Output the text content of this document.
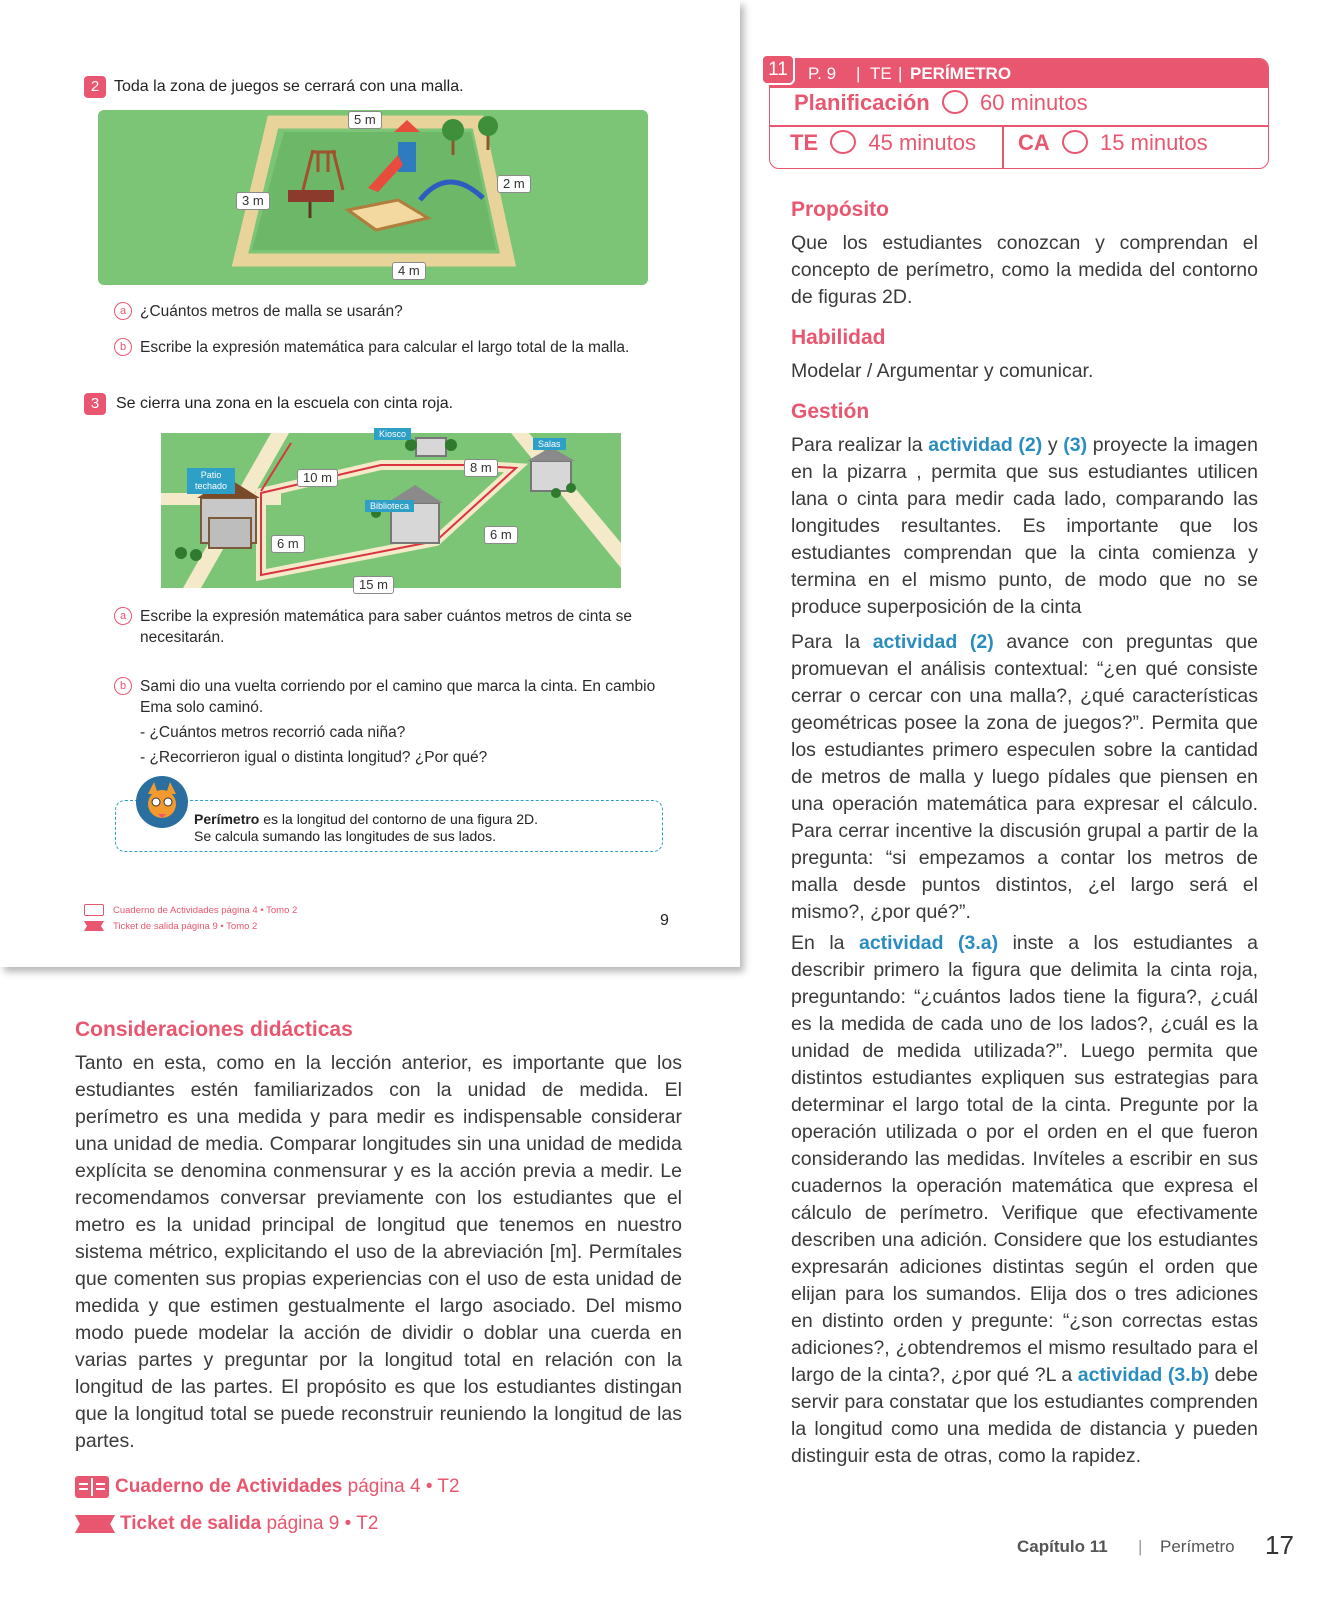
2 Toda la zona de juegos se cerrará con una malla.
5 m
2 m
3 m
4 m
a ¿Cuántos metros de malla se usarán?
b Escribe la expresión matemática para calcular el largo total de la malla.
3	Se cierra una zona en la escuela con cinta roja.
Patio techado
Kiosco
Salas
Biblioteca
10 m
8 m
6 m
6 m
15 m
a Escribe la expresión matemática para saber cuántos metros de cinta se necesitarán.
b Sami dio una vuelta corriendo por el camino que marca la cinta. En cambio Ema solo caminó.
- ¿Cuántos metros recorrió cada niña?
- ¿Recorrieron igual o distinta longitud? ¿Por qué?
Perímetro es la longitud del contorno de una figura 2D.
Se calcula sumando las longitudes de sus lados.
Cuaderno de Actividades página 4 • Tomo 2
Ticket de salida página 9 • Tomo 2	9
P. 9 | TE | PERÍMETRO
Planificación 60 minutos
TE 45 minutos CA 15 minutos
11
Propósito
Que los estudiantes conozcan y comprendan el concepto de perímetro, como la medida del contorno de figuras 2D.
Habilidad
Modelar / Argumentar y comunicar.
Gestión
Para realizar la actividad (2) y (3) proyecte la imagen en la pizarra , permita que sus estudiantes utilicen lana o cinta para medir cada lado, comparando las longitudes resultantes. Es importante que los estudiantes comprendan que la cinta comienza y termina en el mismo punto, de modo que no se produce superposición de la cinta
Para la actividad (2) avance con preguntas que promuevan el análisis contextual: “¿en qué consiste cerrar o cercar con una malla?, ¿qué características geométricas posee la zona de juegos?”. Permita que los estudiantes primero especulen sobre la cantidad de metros de malla y luego pídales que piensen en una operación matemática para expresar el cálculo. Para cerrar incentive la discusión grupal a partir de la pregunta: “si empezamos a contar los metros de malla desde puntos distintos, ¿el largo será el mismo?, ¿por qué?”.
En la actividad (3.a) inste a los estudiantes a describir primero la figura que delimita la cinta roja, preguntando: “¿cuántos lados tiene la figura?, ¿cuál es la medida de cada uno de los lados?, ¿cuál es la unidad de medida utilizada?”. Luego permita que distintos estudiantes expliquen sus estrategias para determinar el largo total de la cinta. Pregunte por la operación utilizada o por el orden en el que fueron considerando las medidas. Invíteles a escribir en sus cuadernos la operación matemática que expresa el cálculo de perímetro. Verifique que efectivamente describen una adición. Considere que los estudiantes expresarán adiciones distintas según el orden que elijan para los sumandos. Elija dos o tres adiciones en distinto orden y pregunte: “¿son correctas estas adiciones?, ¿obtendremos el mismo resultado para el largo de la cinta?, ¿por qué ?L a actividad (3.b) debe servir para constatar que los estudiantes comprenden la longitud como una medida de distancia y pueden distinguir esta de otras, como la rapidez.
Consideraciones didácticas
Tanto en esta, como en la lección anterior, es importante que los estudiantes estén familiarizados con la unidad de medida. El perímetro es una medida y para medir es indispensable considerar una unidad de media. Comparar longitudes sin una unidad de medida explícita se denomina conmensurar y es la acción previa a medir. Le recomendamos conversar previamente con los estudiantes que el metro es la unidad principal de longitud que tenemos en nuestro sistema métrico, explicitando el uso de la abreviación [m]. Permítales que comenten sus propias experiencias con el uso de esta unidad de medida y que estimen gestualmente el largo asociado. Del mismo modo puede modelar la acción de dividir o doblar una cuerda en varias partes y preguntar por la longitud total en relación con la longitud de las partes. El propósito es que los estudiantes distingan que la longitud total se puede reconstruir reuniendo la longitud de las partes.
Cuaderno de Actividades página 4 • T2
Ticket de salida página 9 • T2
Capítulo 11 | Perímetro 17
